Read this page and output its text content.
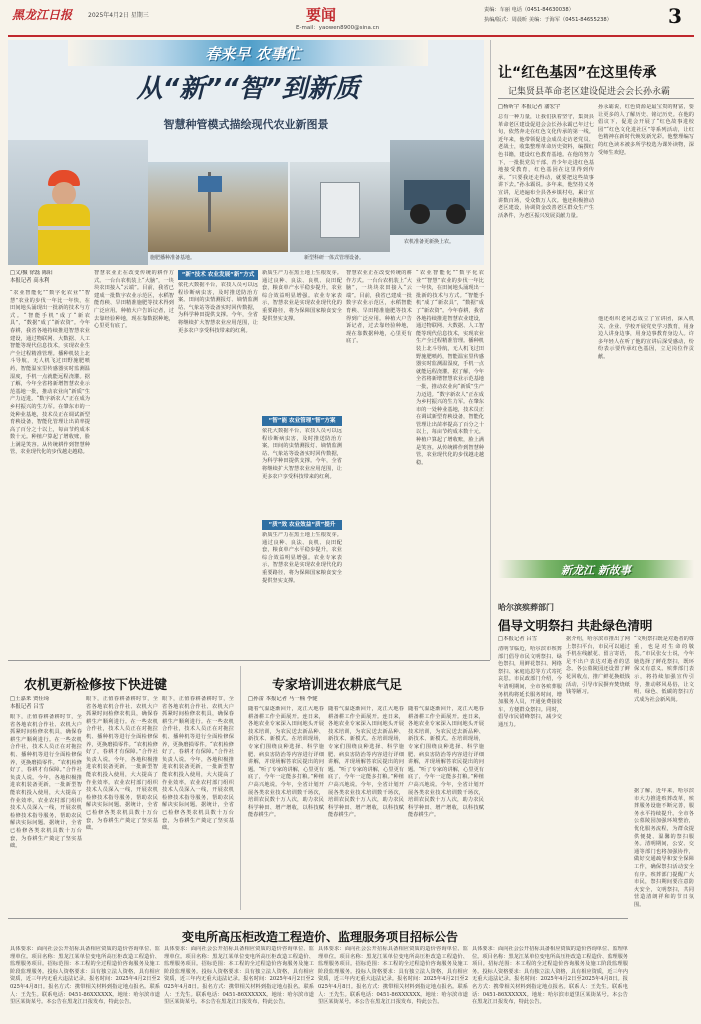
黑龙江日报	2025年4月2日 星期三	要闻
E-mail：yaowen8900@sina.cn
责编：车丽 电话（0451-84630038）
执编/版式：周晨昕 美编：于海军（0451-84655238）	3
春来早 农事忙
从“新”“智”到新质
智慧种管模式描绘现代农业新图景
施肥播种准备基地。	新型科研一体式管理设备。
农机准备更新换上农。
□文/摄 徐磊 陈阳
本报记者 高永利
“农业智能化”“数字化农业”“智慧”农业的步伐一年比一年快，在田间地头涌现出一批新的技术与方式。“智能手机”成了“新农具”，“数据”成了“新农资”。今年春耕，我省各地持续推进智慧农业建设，通过物联网、大数据、人工智能等现代信息技术，实现农业生产全过程精准管理。播种机装上北斗导航，无人机飞过田野施肥喷药，智能温室里传感器实时监测温湿度，手机一点就能远程浇灌。据了解，今年全省将新增智慧农业示范基地一批，推动农业向“新质”生产力迈进。“数字新农人”正在成为乡村振兴的生力军。在肇东市的一处种业基地，技术员正在调试新型育秧设备，智能化管理让出苗率提高了百分之十以上，每亩节约成本数十元。种植户算起了增收账，脸上满是笑容。从传统耕作到智慧种管，农业现代化的步伐越走越稳。
智慧农业正在改变传统的耕作方式。一台台农机装上“大脑”，一块块农田接入“云端”。目前，我省已建成一批数字农业示范区，水稻智能育秧、旱田精准施肥等技术得到广泛应用。种植大户告诉记者，过去靠经验种地，现在靠数据种地，心里更有底了。
“新”技术 农业发展“新”方式
依托大数据平台，农技人员可以远程诊断病虫害，及时推送防治方案。田间的虫情测报灯、墒情监测站、气象站等设备实时回传数据，为科学种田提供支撑。今年，全省将继续扩大智慧农业应用范围，让更多农户享受科技带来的红利。
“智”能 农业管理“智”方案
新质生产力在黑土地上生根发芽。通过良种、良法、良机、良田配套，粮食单产水平稳步提升，农业综合效益明显增强。农业专家表示，智慧农业是实现农业现代化的重要路径，将为保障国家粮食安全提供坚实支撑。
“质”效 农业效益“质”提升
依托大数据平台，农技人员可以远程诊断病虫害，及时推送防治方案。田间的虫情测报灯、墒情监测站、气象站等设备实时回传数据，为科学种田提供支撑。今年，全省将继续扩大智慧农业应用范围，让更多农户享受科技带来的红利。
新质生产力在黑土地上生根发芽。通过良种、良法、良机、良田配套，粮食单产水平稳步提升，农业综合效益明显增强。农业专家表示，智慧农业是实现农业现代化的重要路径，将为保障国家粮食安全提供坚实支撑。
智慧农业正在改变传统的耕作方式。一台台农机装上“大脑”，一块块农田接入“云端”。目前，我省已建成一批数字农业示范区，水稻智能育秧、旱田精准施肥等技术得到广泛应用。种植大户告诉记者，过去靠经验种地，现在靠数据种地，心里更有底了。
“农业智能化”“数字化农业”“智慧”农业的步伐一年比一年快，在田间地头涌现出一批新的技术与方式。“智能手机”成了“新农具”，“数据”成了“新农资”。今年春耕，我省各地持续推进智慧农业建设，通过物联网、大数据、人工智能等现代信息技术，实现农业生产全过程精准管理。播种机装上北斗导航，无人机飞过田野施肥喷药，智能温室里传感器实时监测温湿度，手机一点就能远程浇灌。据了解，今年全省将新增智慧农业示范基地一批，推动农业向“新质”生产力迈进。“数字新农人”正在成为乡村振兴的生力军。在肇东市的一处种业基地，技术员正在调试新型育秧设备，智能化管理让出苗率提高了百分之十以上，每亩节约成本数十元。种植户算起了增收账，脸上满是笑容。从传统耕作到智慧种管，农业现代化的步伐越走越稳。
让“红色基因”在这里传承
记集贤县革命老区建设促进会会长孙永霸
□杨昕宇 本报记者 潘宏宇
总有一种力量，让我们执着坚守，集贤县革命老区建设促进会会长孙永霸已年过七旬，依然奔走在红色文化传承的第一线。近年来，他带领促进会成员走访老党员、老战士，收集整理革命历史资料，编撰红色书籍，建设红色教育基地。在他的努力下，一批批党员干部、青少年走进红色基地接受教育，红色基因在这里得到传承。“只要我还走得动，就要把这些故事讲下去。”孙永霸说。多年来，他坚持义务宣讲，足迹遍布全县各乡镇村屯，累计宣讲数百场，受众数万人次。他还积极推动老区建设，协调资金改善老区群众生产生活条件，为老区振兴发展贡献力量。
孙永霸说，红色资源是最宝贵的财富，要让更多的人了解历史、铭记历史。在他的倡议下，促进会开展了“红色故事进校园”“红色文化进社区”等系列活动，让红色精神在新时代焕发新光彩。他整理编写的红色读本被多所学校选为课外读物，深受师生欢迎。
他还组织老同志成立了宣讲团，深入机关、企业、学校开展党史学习教育，用身边人讲身边事，用身边事教育身边人。许多年轻人在听了他的宣讲后深受感动，纷纷表示要传承红色基因，立足岗位作贡献。
新龙江 新故事
哈尔滨殡葬部门
倡导文明祭扫 共赴绿色清明
□本报记者 吕雪
清明节临近，哈尔滨市殡葬部门倡导市民文明祭扫、绿色祭扫，用鲜花祭扫、网络祭扫、家庭追思等方式寄托哀思。市民政部门介绍，今年清明期间，全市各殡葬服务机构将延长服务时间，增加服务人员，开通免费接驳车，方便群众祭扫。同时，倡导市民错峰祭扫，减少交通压力。
据介绍，哈尔滨市推出了网上祭扫平台，市民可以通过手机在线献花、留言寄语，足不出户表达对逝者的思念。各公墓陵园还设置了鲜花回收点，推广鲜花换纸钱活动，引导市民摒弃焚烧纸钱等陋习。
“文明祭扫既是对逝者的尊重，也是对生命的敬畏。”市民张女士说，今年她选择了鲜花祭扫，既环保又有意义。殡葬部门表示，将持续加强宣传引导，推动移风易俗，让文明、绿色、低碳的祭扫方式成为社会新风尚。
据了解，近年来，哈尔滨市大力推进殡葬改革，殡葬服务设施不断完善，服务水平持续提升。全市各公墓陵园加强环境整治，优化服务流程，为群众提供便捷、温馨的祭扫服务。清明期间，公安、交通等部门也将加强协作，做好交通疏导和安全保障工作，确保祭扫活动安全有序。殡葬部门提醒广大市民，祭扫期间要注意防火安全，文明祭扫，共同营造清朗祥和的节日氛围。
农机更新检修按下快进键
□王嘉来 贾佳琦
本报记者 吕雪
眼下，正值春耕备耕时节，全省各地农机合作社、农机大户抓紧时间检修农机具，确保春耕生产顺利进行。在一些农机合作社，技术人员正在对拖拉机、播种机等进行全面检修保养，更换磨损零件。“农机检修好了，春耕才有保障。”合作社负责人说。今年，各地积极推进农机装备更新，一批新型智能农机投入使用，大大提高了作业效率。农业农村部门组织技术人员深入一线，开展农机检修技术指导服务，帮助农民解决实际问题。据统计，全省已检修各类农机具数十万台套，为春耕生产奠定了坚实基础。
眼下，正值春耕备耕时节，全省各地农机合作社、农机大户抓紧时间检修农机具，确保春耕生产顺利进行。在一些农机合作社，技术人员正在对拖拉机、播种机等进行全面检修保养，更换磨损零件。“农机检修好了，春耕才有保障。”合作社负责人说。今年，各地积极推进农机装备更新，一批新型智能农机投入使用，大大提高了作业效率。农业农村部门组织技术人员深入一线，开展农机检修技术指导服务，帮助农民解决实际问题。据统计，全省已检修各类农机具数十万台套，为春耕生产奠定了坚实基础。
眼下，正值春耕备耕时节，全省各地农机合作社、农机大户抓紧时间检修农机具，确保春耕生产顺利进行。在一些农机合作社，技术人员正在对拖拉机、播种机等进行全面检修保养，更换磨损零件。“农机检修好了，春耕才有保障。”合作社负责人说。今年，各地积极推进农机装备更新，一批新型智能农机投入使用，大大提高了作业效率。农业农村部门组织技术人员深入一线，开展农机检修技术指导服务，帮助农民解决实际问题。据统计，全省已检修各类农机具数十万台套，为春耕生产奠定了坚实基础。
专家培训进农耕底气足
□孙蕾 本报记者 马一楠 李健
随着气温逐渐回升，龙江大地春耕备耕工作全面展开。连日来，各地农业专家深入田间地头开展技术培训，为农民送去新品种、新技术、新模式。在培训现场，专家们围绕良种选择、科学施肥、病虫害防治等内容进行详细讲解，并现场解答农民提出的问题。“听了专家的讲解，心里更有底了，今年一定能多打粮。”种植户高兴地说。今年，全省计划开展各类农业技术培训数千场次，培训农民数十万人次，助力农民科学种田、增产增收，以科技赋能春耕生产。
随着气温逐渐回升，龙江大地春耕备耕工作全面展开。连日来，各地农业专家深入田间地头开展技术培训，为农民送去新品种、新技术、新模式。在培训现场，专家们围绕良种选择、科学施肥、病虫害防治等内容进行详细讲解，并现场解答农民提出的问题。“听了专家的讲解，心里更有底了，今年一定能多打粮。”种植户高兴地说。今年，全省计划开展各类农业技术培训数千场次，培训农民数十万人次，助力农民科学种田、增产增收，以科技赋能春耕生产。
随着气温逐渐回升，龙江大地春耕备耕工作全面展开。连日来，各地农业专家深入田间地头开展技术培训，为农民送去新品种、新技术、新模式。在培训现场，专家们围绕良种选择、科学施肥、病虫害防治等内容进行详细讲解，并现场解答农民提出的问题。“听了专家的讲解，心里更有底了，今年一定能多打粮。”种植户高兴地说。今年，全省计划开展各类农业技术培训数千场次，培训农民数十万人次，助力农民科学种田、增产增收，以科技赋能春耕生产。
变电所高压柜改造工程造价、监理服务项目招标公告
具体要求：面向社会公开招标具备相应资质的造价咨询单位、监理单位。项目名称：黑龙江某单位变电所高压柜改造工程造价、监理服务项目。招标范围：本工程的全过程造价咨询服务及施工阶段监理服务。投标人资格要求：具有独立法人资格，具有相应资质，近三年内无重大违法记录。报名时间：2025年4月2日至2025年4月8日。报名方式：携带相关材料到指定地点报名。联系人：王先生。联系电话：0451-86XXXXXX。地址：哈尔滨市道里区某街某号。本公告在黑龙江日报发布，特此公告。
具体要求：面向社会公开招标具备相应资质的造价咨询单位、监理单位。项目名称：黑龙江某单位变电所高压柜改造工程造价、监理服务项目。招标范围：本工程的全过程造价咨询服务及施工阶段监理服务。投标人资格要求：具有独立法人资格，具有相应资质，近三年内无重大违法记录。报名时间：2025年4月2日至2025年4月8日。报名方式：携带相关材料到指定地点报名。联系人：王先生。联系电话：0451-86XXXXXX。地址：哈尔滨市道里区某街某号。本公告在黑龙江日报发布，特此公告。
具体要求：面向社会公开招标具备相应资质的造价咨询单位、监理单位。项目名称：黑龙江某单位变电所高压柜改造工程造价、监理服务项目。招标范围：本工程的全过程造价咨询服务及施工阶段监理服务。投标人资格要求：具有独立法人资格，具有相应资质，近三年内无重大违法记录。报名时间：2025年4月2日至2025年4月8日。报名方式：携带相关材料到指定地点报名。联系人：王先生。联系电话：0451-86XXXXXX。地址：哈尔滨市道里区某街某号。本公告在黑龙江日报发布，特此公告。
具体要求：面向社会公开招标具备相应资质的造价咨询单位、监理单位。项目名称：黑龙江某单位变电所高压柜改造工程造价、监理服务项目。招标范围：本工程的全过程造价咨询服务及施工阶段监理服务。投标人资格要求：具有独立法人资格，具有相应资质，近三年内无重大违法记录。报名时间：2025年4月2日至2025年4月8日。报名方式：携带相关材料到指定地点报名。联系人：王先生。联系电话：0451-86XXXXXX。地址：哈尔滨市道里区某街某号。本公告在黑龙江日报发布，特此公告。
